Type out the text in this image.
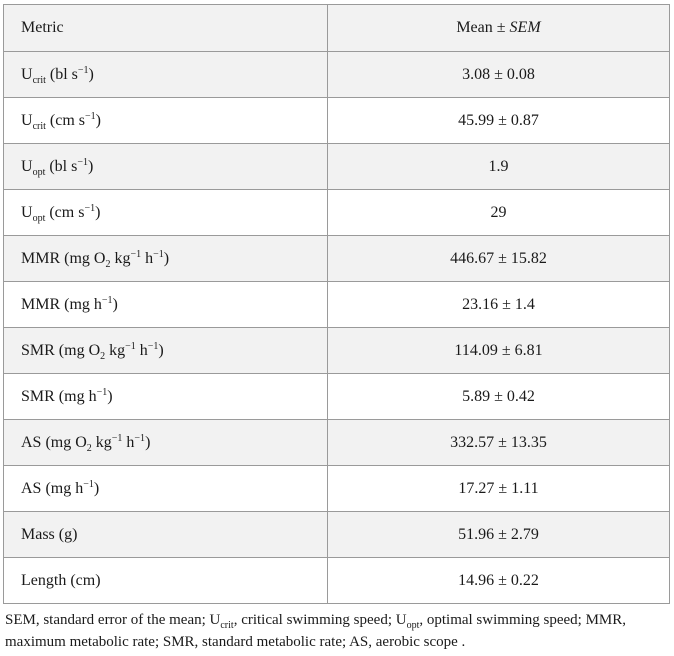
Metric	Mean ± SEM
$U_{crit}$ (bl $s^{-1}$)	3.08 ± 0.08
$U_{crit}$ (cm $s^{-1}$)	45.99 ± 0.87
$U_{opt}$ (bl $s^{-1}$)	1.9
$U_{opt}$ (cm $s^{-1}$)	29
MMR (mg $O_2$ $kg^{-1}$ $h^{-1}$)	446.67 ± 15.82
MMR (mg $h^{-1}$)	23.16 ± 1.4
SMR (mg $O_2$ $kg^{-1}$ $h^{-1}$)	114.09 ± 6.81
SMR (mg $h^{-1}$)	5.89 ± 0.42
AS (mg $O_2$ $kg^{-1}$ $h^{-1}$)	332.57 ± 13.35
AS (mg $h^{-1}$)	17.27 ± 1.11
Mass (g)	51.96 ± 2.79
Length (cm)	14.96 ± 0.22

SEM, standard error of the mean; $U_{crit}$, critical swimming speed; $U_{opt}$, optimal swimming speed; MMR, maximum metabolic rate; SMR, standard metabolic rate; AS, aerobic scope .
